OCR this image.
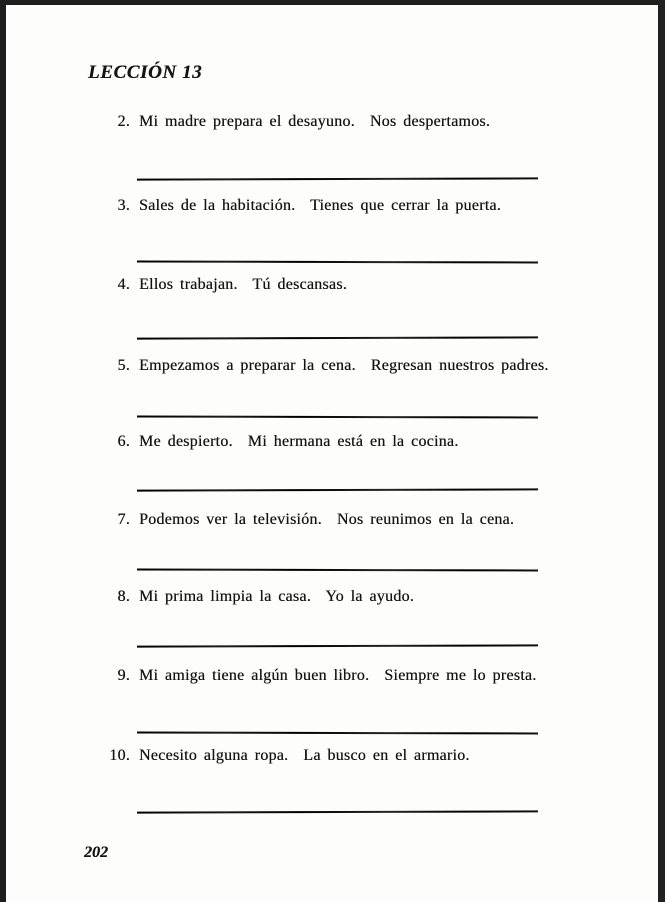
LECCIÓN 13
2. Mi madre prepara el desayuno.  Nos despertamos.
3. Sales de la habitación.  Tienes que cerrar la puerta.
4. Ellos trabajan.  Tú descansas.
5. Empezamos a preparar la cena.  Regresan nuestros padres.
6. Me despierto.  Mi hermana está en la cocina.
7. Podemos ver la televisión.  Nos reunimos en la cena.
8. Mi prima limpia la casa.  Yo la ayudo.
9. Mi amiga tiene algún buen libro.  Siempre me lo presta.
10. Necesito alguna ropa.  La busco en el armario.
202
